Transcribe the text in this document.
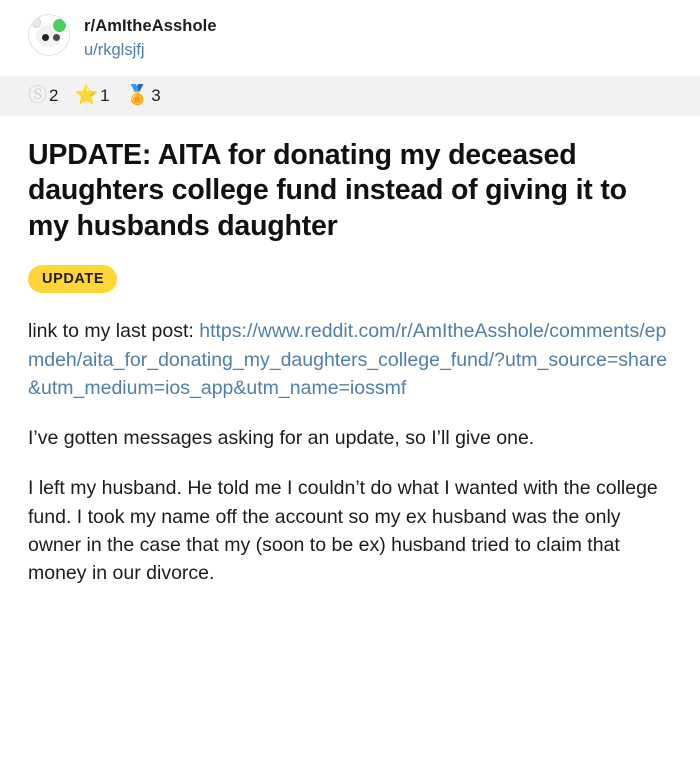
r/AmItheAsshole
u/rkglsjfj
Ⓢ 2 ⭐ 1 🏅 3
UPDATE: AITA for donating my deceased daughters college fund instead of giving it to my husbands daughter
UPDATE

link to my last post: https://www.reddit.com/r/AmItheAsshole/comments/epmdeh/aita_for_donating_my_daughters_college_fund/?utm_source=share&utm_medium=ios_app&utm_name=iossmf

I’ve gotten messages asking for an update, so I’ll give one.

I left my husband. He told me I couldn’t do what I wanted with the college fund. I took my name off the account so my ex husband was the only owner in the case that my (soon to be ex) husband tried to claim that money in our divorce.
